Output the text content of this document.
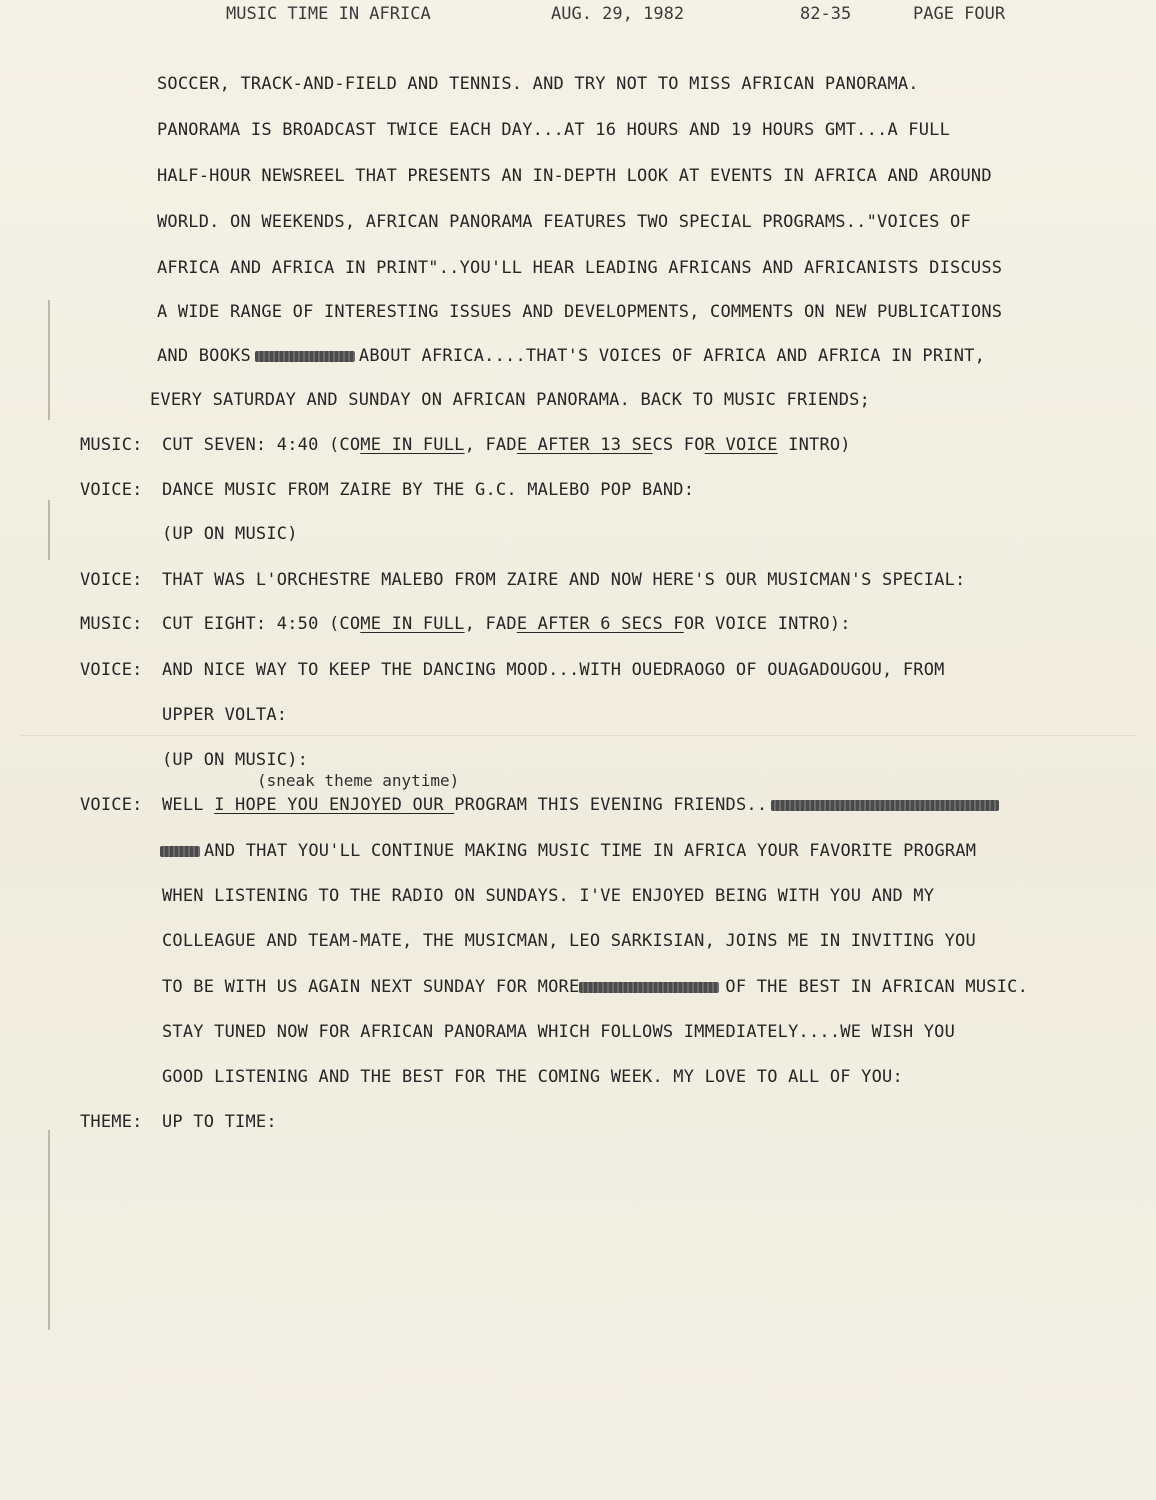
MUSIC TIME IN AFRICA	AUG. 29, 1982	82-35	PAGE FOUR
SOCCER, TRACK-AND-FIELD AND TENNIS. AND TRY NOT TO MISS AFRICAN PANORAMA.
PANORAMA IS BROADCAST TWICE EACH DAY...AT 16 HOURS AND 19 HOURS GMT...A FULL
HALF-HOUR NEWSREEL THAT PRESENTS AN IN-DEPTH LOOK AT EVENTS IN AFRICA AND AROUND
WORLD. ON WEEKENDS, AFRICAN PANORAMA FEATURES TWO SPECIAL PROGRAMS.."VOICES OF
AFRICA AND AFRICA IN PRINT"..YOU'LL HEAR LEADING AFRICANS AND AFRICANISTS DISCUSS
A WIDE RANGE OF INTERESTING ISSUES AND DEVELOPMENTS, COMMENTS ON NEW PUBLICATIONS
AND BOOKS	ABOUT AFRICA....THAT'S VOICES OF AFRICA AND AFRICA IN PRINT,
EVERY SATURDAY AND SUNDAY ON AFRICAN PANORAMA. BACK TO MUSIC FRIENDS;
MUSIC: CUT SEVEN: 4:40 (COME IN FULL, FADE AFTER 13 SECS FOR VOICE INTRO)
VOICE: DANCE MUSIC FROM ZAIRE BY THE G.C. MALEBO POP BAND:
(UP ON MUSIC)
VOICE: THAT WAS L'ORCHESTRE MALEBO FROM ZAIRE AND NOW HERE'S OUR MUSICMAN'S SPECIAL:
MUSIC: CUT EIGHT: 4:50 (COME IN FULL, FADE AFTER 6 SECS FOR VOICE INTRO):
VOICE: AND NICE WAY TO KEEP THE DANCING MOOD...WITH OUEDRAOGO OF OUAGADOUGOU, FROM
UPPER VOLTA:
(UP ON MUSIC):
(sneak theme anytime)
VOICE: WELL I HOPE YOU ENJOYED OUR PROGRAM THIS EVENING FRIENDS..
AND THAT YOU'LL CONTINUE MAKING MUSIC TIME IN AFRICA YOUR FAVORITE PROGRAM
WHEN LISTENING TO THE RADIO ON SUNDAYS. I'VE ENJOYED BEING WITH YOU AND MY
COLLEAGUE AND TEAM-MATE, THE MUSICMAN, LEO SARKISIAN, JOINS ME IN INVITING YOU
TO BE WITH US AGAIN NEXT SUNDAY FOR MORE	OF THE BEST IN AFRICAN MUSIC.
STAY TUNED NOW FOR AFRICAN PANORAMA WHICH FOLLOWS IMMEDIATELY....WE WISH YOU
GOOD LISTENING AND THE BEST FOR THE COMING WEEK. MY LOVE TO ALL OF YOU:
THEME: UP TO TIME:
